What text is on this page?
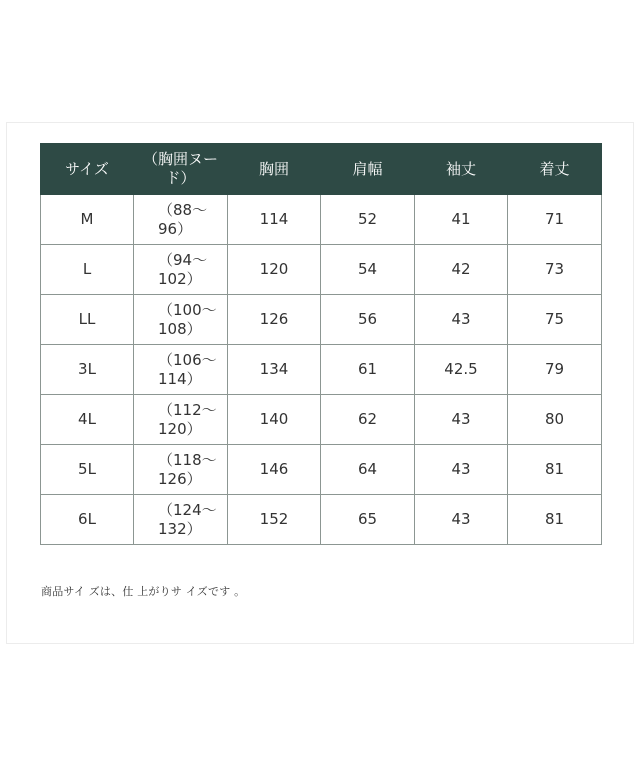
サイズ	（胸囲ヌード）	胸囲	肩幅	袖丈	着丈
M	（88〜96）	114	52	41	71
L	（94〜102）	120	54	42	73
LL	（100〜108）	126	56	43	75
3L	（106〜114）	134	61	42.5	79
4L	（112〜120）	140	62	43	80
5L	（118〜126）	146	64	43	81
6L	（124〜132）	152	65	43	81
商品サイ ズは、仕 上がりサ イズです 。
